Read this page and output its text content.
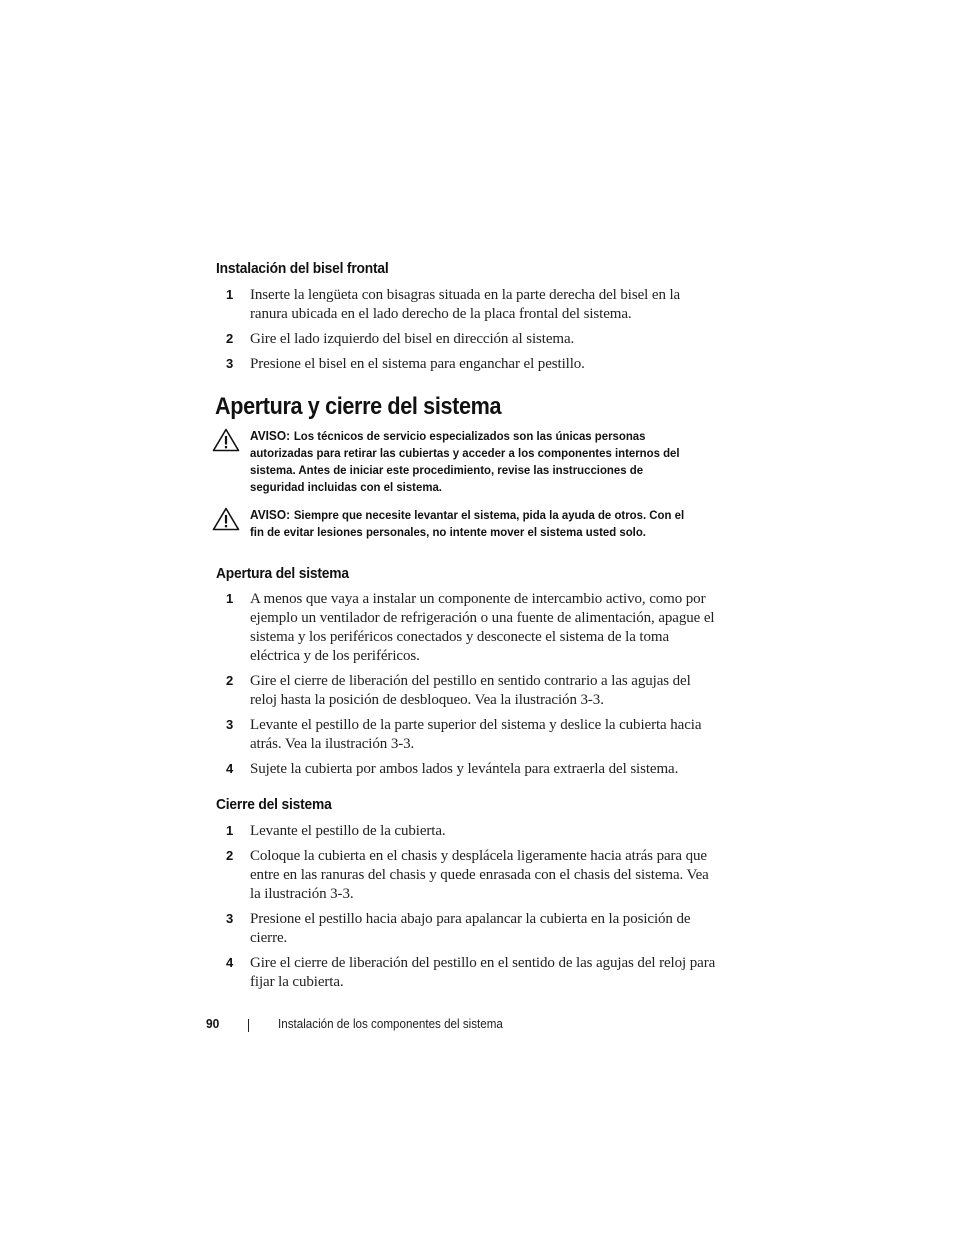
Instalación del bisel frontal
1 Inserte la lengüeta con bisagras situada en la parte derecha del bisel en la ranura ubicada en el lado derecho de la placa frontal del sistema.
2 Gire el lado izquierdo del bisel en dirección al sistema.
3 Presione el bisel en el sistema para enganchar el pestillo.
Apertura y cierre del sistema
AVISO: Los técnicos de servicio especializados son las únicas personas autorizadas para retirar las cubiertas y acceder a los componentes internos del sistema. Antes de iniciar este procedimiento, revise las instrucciones de seguridad incluidas con el sistema.
AVISO: Siempre que necesite levantar el sistema, pida la ayuda de otros. Con el fin de evitar lesiones personales, no intente mover el sistema usted solo.
Apertura del sistema
1 A menos que vaya a instalar un componente de intercambio activo, como por ejemplo un ventilador de refrigeración o una fuente de alimentación, apague el sistema y los periféricos conectados y desconecte el sistema de la toma eléctrica y de los periféricos.
2 Gire el cierre de liberación del pestillo en sentido contrario a las agujas del reloj hasta la posición de desbloqueo. Vea la ilustración 3-3.
3 Levante el pestillo de la parte superior del sistema y deslice la cubierta hacia atrás. Vea la ilustración 3-3.
4 Sujete la cubierta por ambos lados y levántela para extraerla del sistema.
Cierre del sistema
1 Levante el pestillo de la cubierta.
2 Coloque la cubierta en el chasis y desplácela ligeramente hacia atrás para que entre en las ranuras del chasis y quede enrasada con el chasis del sistema. Vea la ilustración 3-3.
3 Presione el pestillo hacia abajo para apalancar la cubierta en la posición de cierre.
4 Gire el cierre de liberación del pestillo en el sentido de las agujas del reloj para fijar la cubierta.
90	Instalación de los componentes del sistema
